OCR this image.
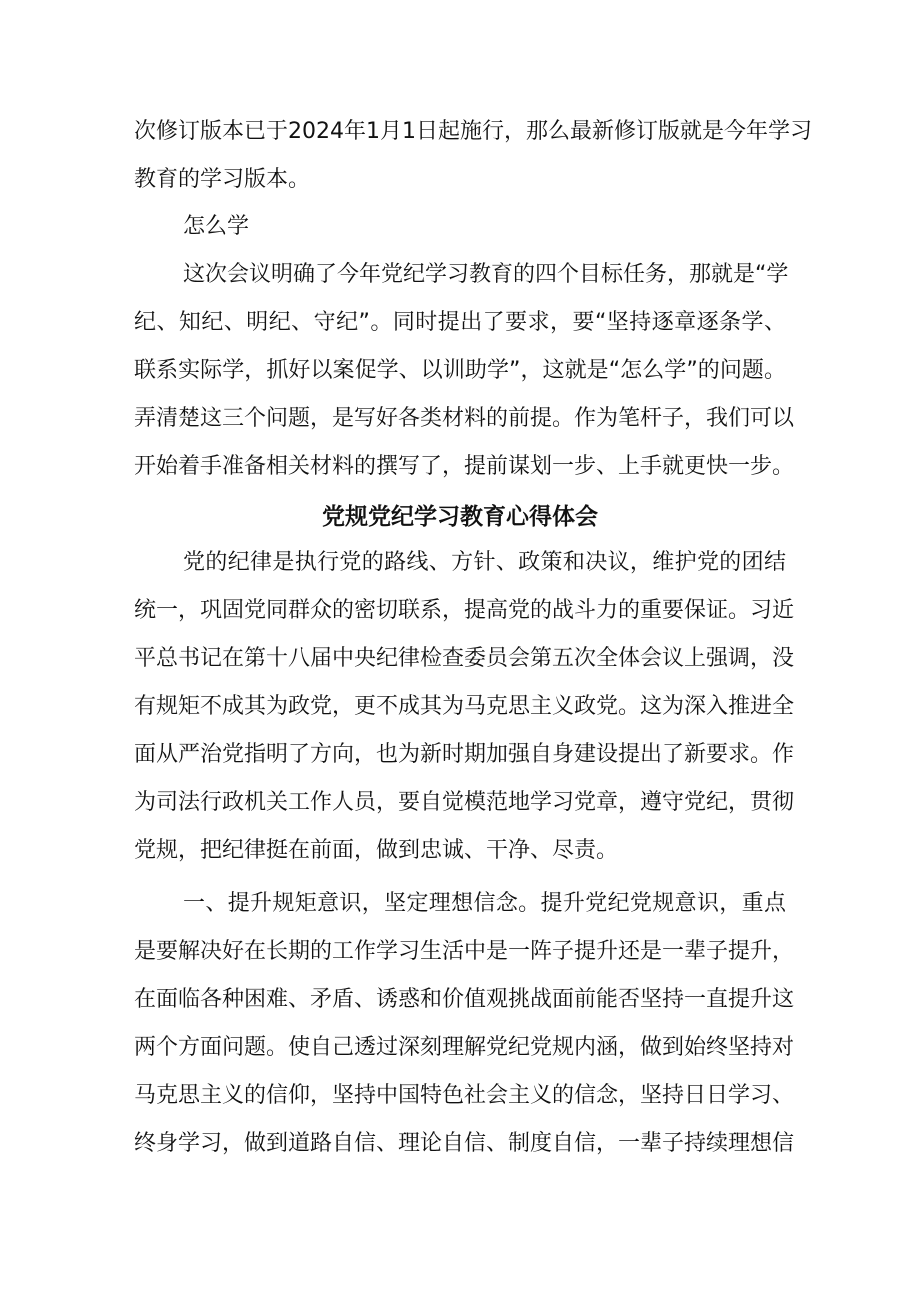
次修订版本已于2024年1月1日起施行，那么最新修订版就是今年学习
教育的学习版本。
怎么学
这次会议明确了今年党纪学习教育的四个目标任务，那就是“学
纪、知纪、明纪、守纪”。同时提出了要求，要“坚持逐章逐条学、
联系实际学，抓好以案促学、以训助学”，这就是“怎么学”的问题。
弄清楚这三个问题，是写好各类材料的前提。作为笔杆子，我们可以
开始着手准备相关材料的撰写了，提前谋划一步、上手就更快一步。
党规党纪学习教育心得体会
党的纪律是执行党的路线、方针、政策和决议，维护党的团结
统一，巩固党同群众的密切联系，提高党的战斗力的重要保证。习近
平总书记在第十八届中央纪律检查委员会第五次全体会议上强调，没
有规矩不成其为政党，更不成其为马克思主义政党。这为深入推进全
面从严治党指明了方向，也为新时期加强自身建设提出了新要求。作
为司法行政机关工作人员，要自觉模范地学习党章，遵守党纪，贯彻
党规，把纪律挺在前面，做到忠诚、干净、尽责。
一、提升规矩意识，坚定理想信念。提升党纪党规意识，重点
是要解决好在长期的工作学习生活中是一阵子提升还是一辈子提升，
在面临各种困难、矛盾、诱惑和价值观挑战面前能否坚持一直提升这
两个方面问题。使自己透过深刻理解党纪党规内涵，做到始终坚持对
马克思主义的信仰，坚持中国特色社会主义的信念，坚持日日学习、
终身学习，做到道路自信、理论自信、制度自信，一辈子持续理想信
